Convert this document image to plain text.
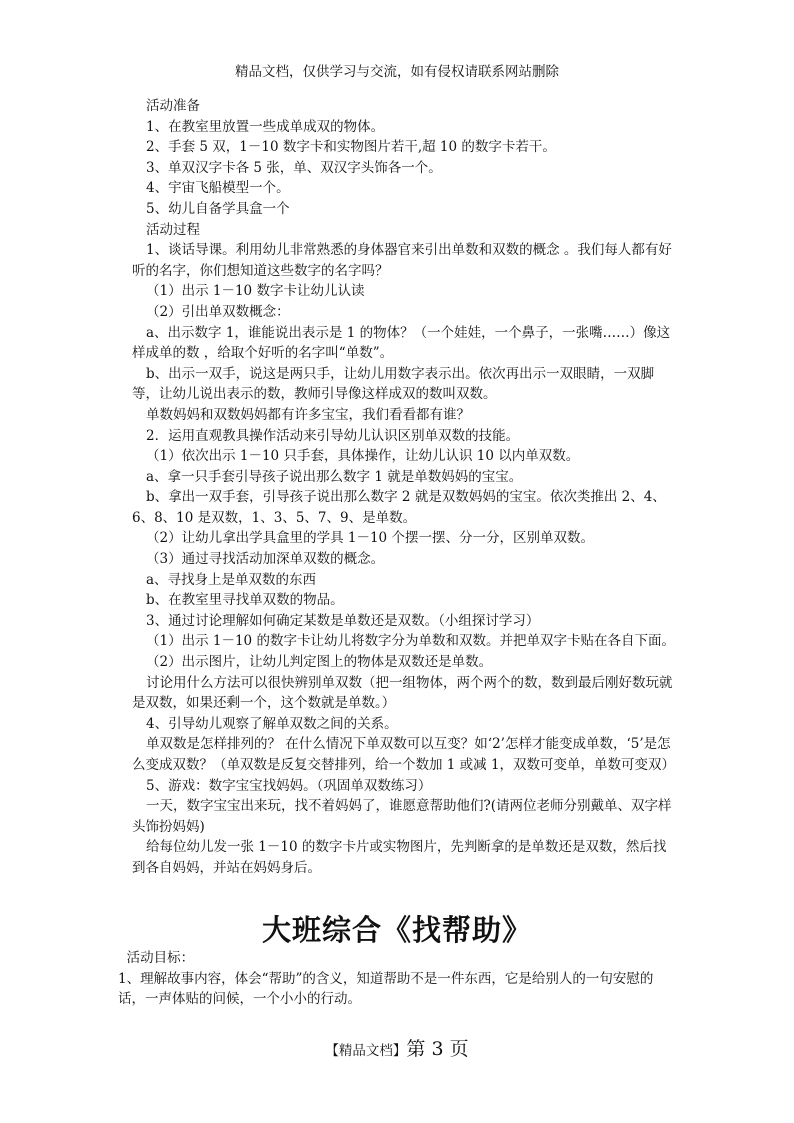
精品文档，仅供学习与交流，如有侵权请联系网站删除

活动准备

1、在教室里放置一些成单成双的物体。

2、手套 5 双，1－10 数字卡和实物图片若干,超 10 的数字卡若干。

3、单双汉字卡各 5 张，单、双汉字头饰各一个。

4、宇宙飞船模型一个。

5、幼儿自备学具盒一个

活动过程

1、谈话导课。利用幼儿非常熟悉的身体器官来引出单数和双数的概念 。我们每人都有好听的名字，你们想知道这些数字的名字吗？

（1）出示 1－10 数字卡让幼儿认读

（2）引出单双数概念：

a、出示数字 1，谁能说出表示是 1 的物体？（一个娃娃，一个鼻子，一张嘴……）像这样成单的数 ，给取个好听的名字叫“单数”。

b、出示一双手，说这是两只手，让幼儿用数字表示出。依次再出示一双眼睛，一双脚等，让幼儿说出表示的数，教师引导像这样成双的数叫双数。

单数妈妈和双数妈妈都有许多宝宝，我们看看都有谁？

2．运用直观教具操作活动来引导幼儿认识区别单双数的技能。

（1）依次出示 1－10 只手套，具体操作，让幼儿认识 10 以内单双数。

a、拿一只手套引导孩子说出那么数字 1 就是单数妈妈的宝宝。

b、拿出一双手套，引导孩子说出那么数字 2 就是双数妈妈的宝宝。依次类推出 2、4、6、8、10 是双数，1、3、5、7、9、是单数。

（2）让幼儿拿出学具盒里的学具 1－10 个摆一摆、分一分，区别单双数。

（3）通过寻找活动加深单双数的概念。

a、寻找身上是单双数的东西

b、在教室里寻找单双数的物品。

3、通过讨论理解如何确定某数是单数还是双数。（小组探讨学习）

（1）出示 1－10 的数字卡让幼儿将数字分为单数和双数。并把单双字卡贴在各自下面。

（2）出示图片，让幼儿判定图上的物体是双数还是单数。

讨论用什么方法可以很快辨别单双数（把一组物体，两个两个的数，数到最后刚好数玩就是双数，如果还剩一个，这个数就是单数。）

4、引导幼儿观察了解单双数之间的关系。

单双数是怎样排列的？ 在什么情况下单双数可以互变？如‘2’怎样才能变成单数，‘5’是怎么变成双数？（单双数是反复交替排列，给一个数加 1 或减 1，双数可变单，单数可变双）

5、游戏：数字宝宝找妈妈。（巩固单双数练习）

一天，数字宝宝出来玩，找不着妈妈了，谁愿意帮助他们?(请两位老师分别戴单、双字样头饰扮妈妈)

给每位幼儿发一张 1－10 的数字卡片或实物图片，先判断拿的是单数还是双数，然后找到各自妈妈，并站在妈妈身后。

大班综合《找帮助》

活动目标：

1、理解故事内容，体会“帮助”的含义，知道帮助不是一件东西，它是给别人的一句安慰的话，一声体贴的问候，一个小小的行动。

【精品文档】第 3 页
